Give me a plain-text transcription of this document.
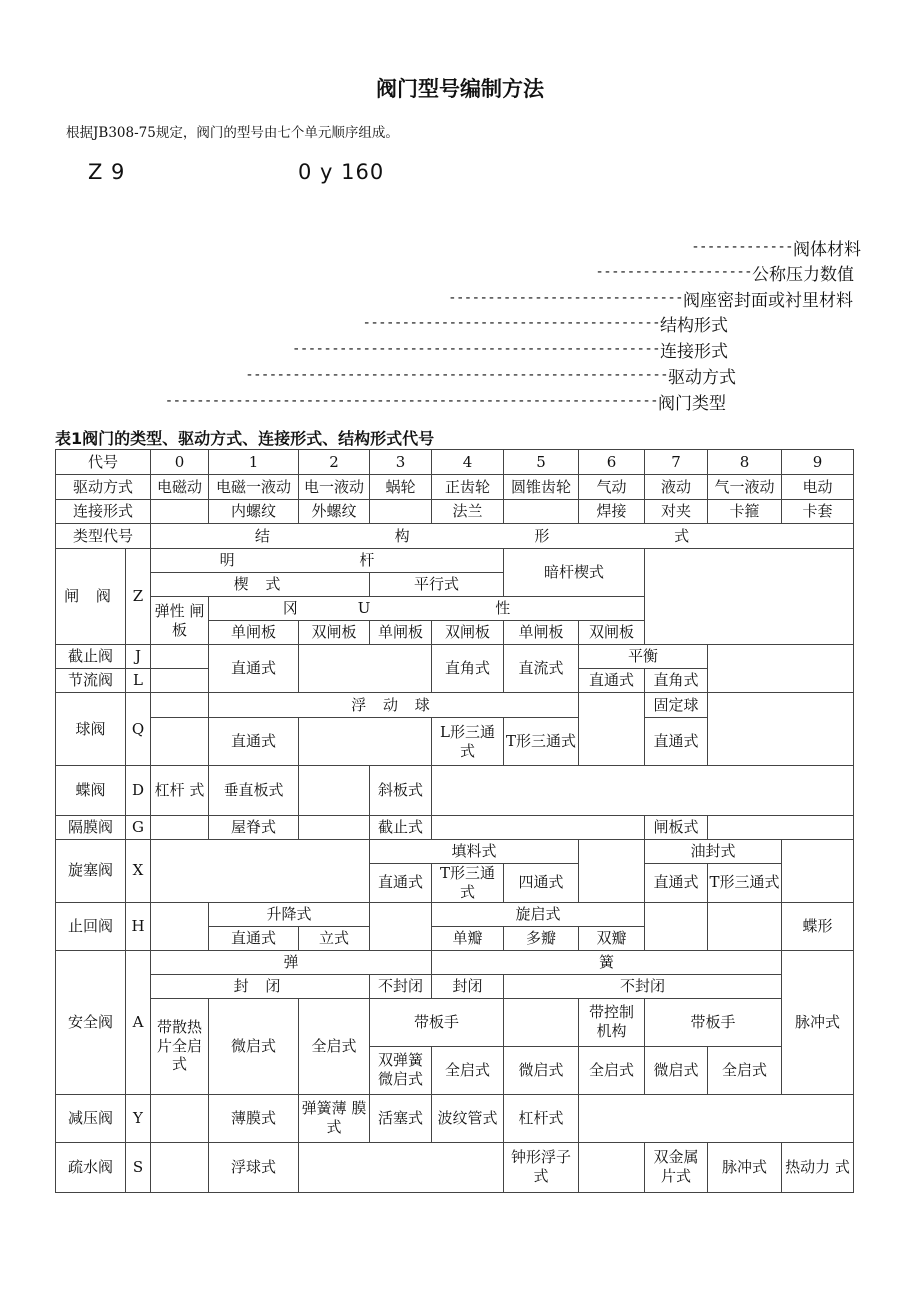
阀门型号编制方法
根据JB308-75规定，阀门的型号由七个单元顺序组成。
Z 9	0 y 160
------------- 阀体材料
-------------------- 公称压力数值
------------------------------ 阀座密封面或衬里材料
-------------------------------------- 结构形式
----------------------------------------------- 连接形式
------------------------------------------------------ 驱动方式
--------------------------------------------------------------- 阀门类型
表1阀门的类型、驱动方式、连接形式、结构形式代号
代号		0	1	2	3	4	5	6	7	8	9
驱动方式		电磁动	电磁一液动	电一液动	蜗轮	正齿轮	圆锥齿轮	气动	液动	气一液动	电动
连接形式			内螺纹	外螺纹		法兰		焊接	对夹	卡箍	卡套
类型代号		结 构 形 式									
闸 阀	Z	明 杆					暗杆楔式				
		楔 式			平行式						
		弹性 闸板	冈U 性								
			单闸板	双闸板	单闸板	双闸板	单闸板	双闸板			
截止阀	J		直通式			直角式	直流式	平衡			
节流阀	L							直通式	直角式		
球阀	Q		浮 动 球						固定球		
			直通式			L形三通式	T形三通式		直通式		
蝶阀	D	杠杆 式	垂直板式		斜板式						
隔膜阀	G		屋脊式		截止式				闸板式		
旋塞阀	X				填料式				油封式		
					直通式	T形三通式	四通式		直通式	T形三通式	
止回阀	H		升降式			旋启式					蝶形
			直通式	立式		单瓣	多瓣	双瓣			
安全阀	A	弹				簧					脉冲式
		封 闭			不封闭	封闭	不封闭				
		带散热片全启式	微启式	全启式	带板手			带控制 机构	带板手		
					双弹簧微启式	全启式	微启式	全启式	微启式	全启式	
减压阀	Y		薄膜式	弹簧薄 膜式	活塞式	波纹管式	杠杆式				
疏水阀	S		浮球式				钟形浮子 式		双金属 片式	脉冲式	热动力 式
